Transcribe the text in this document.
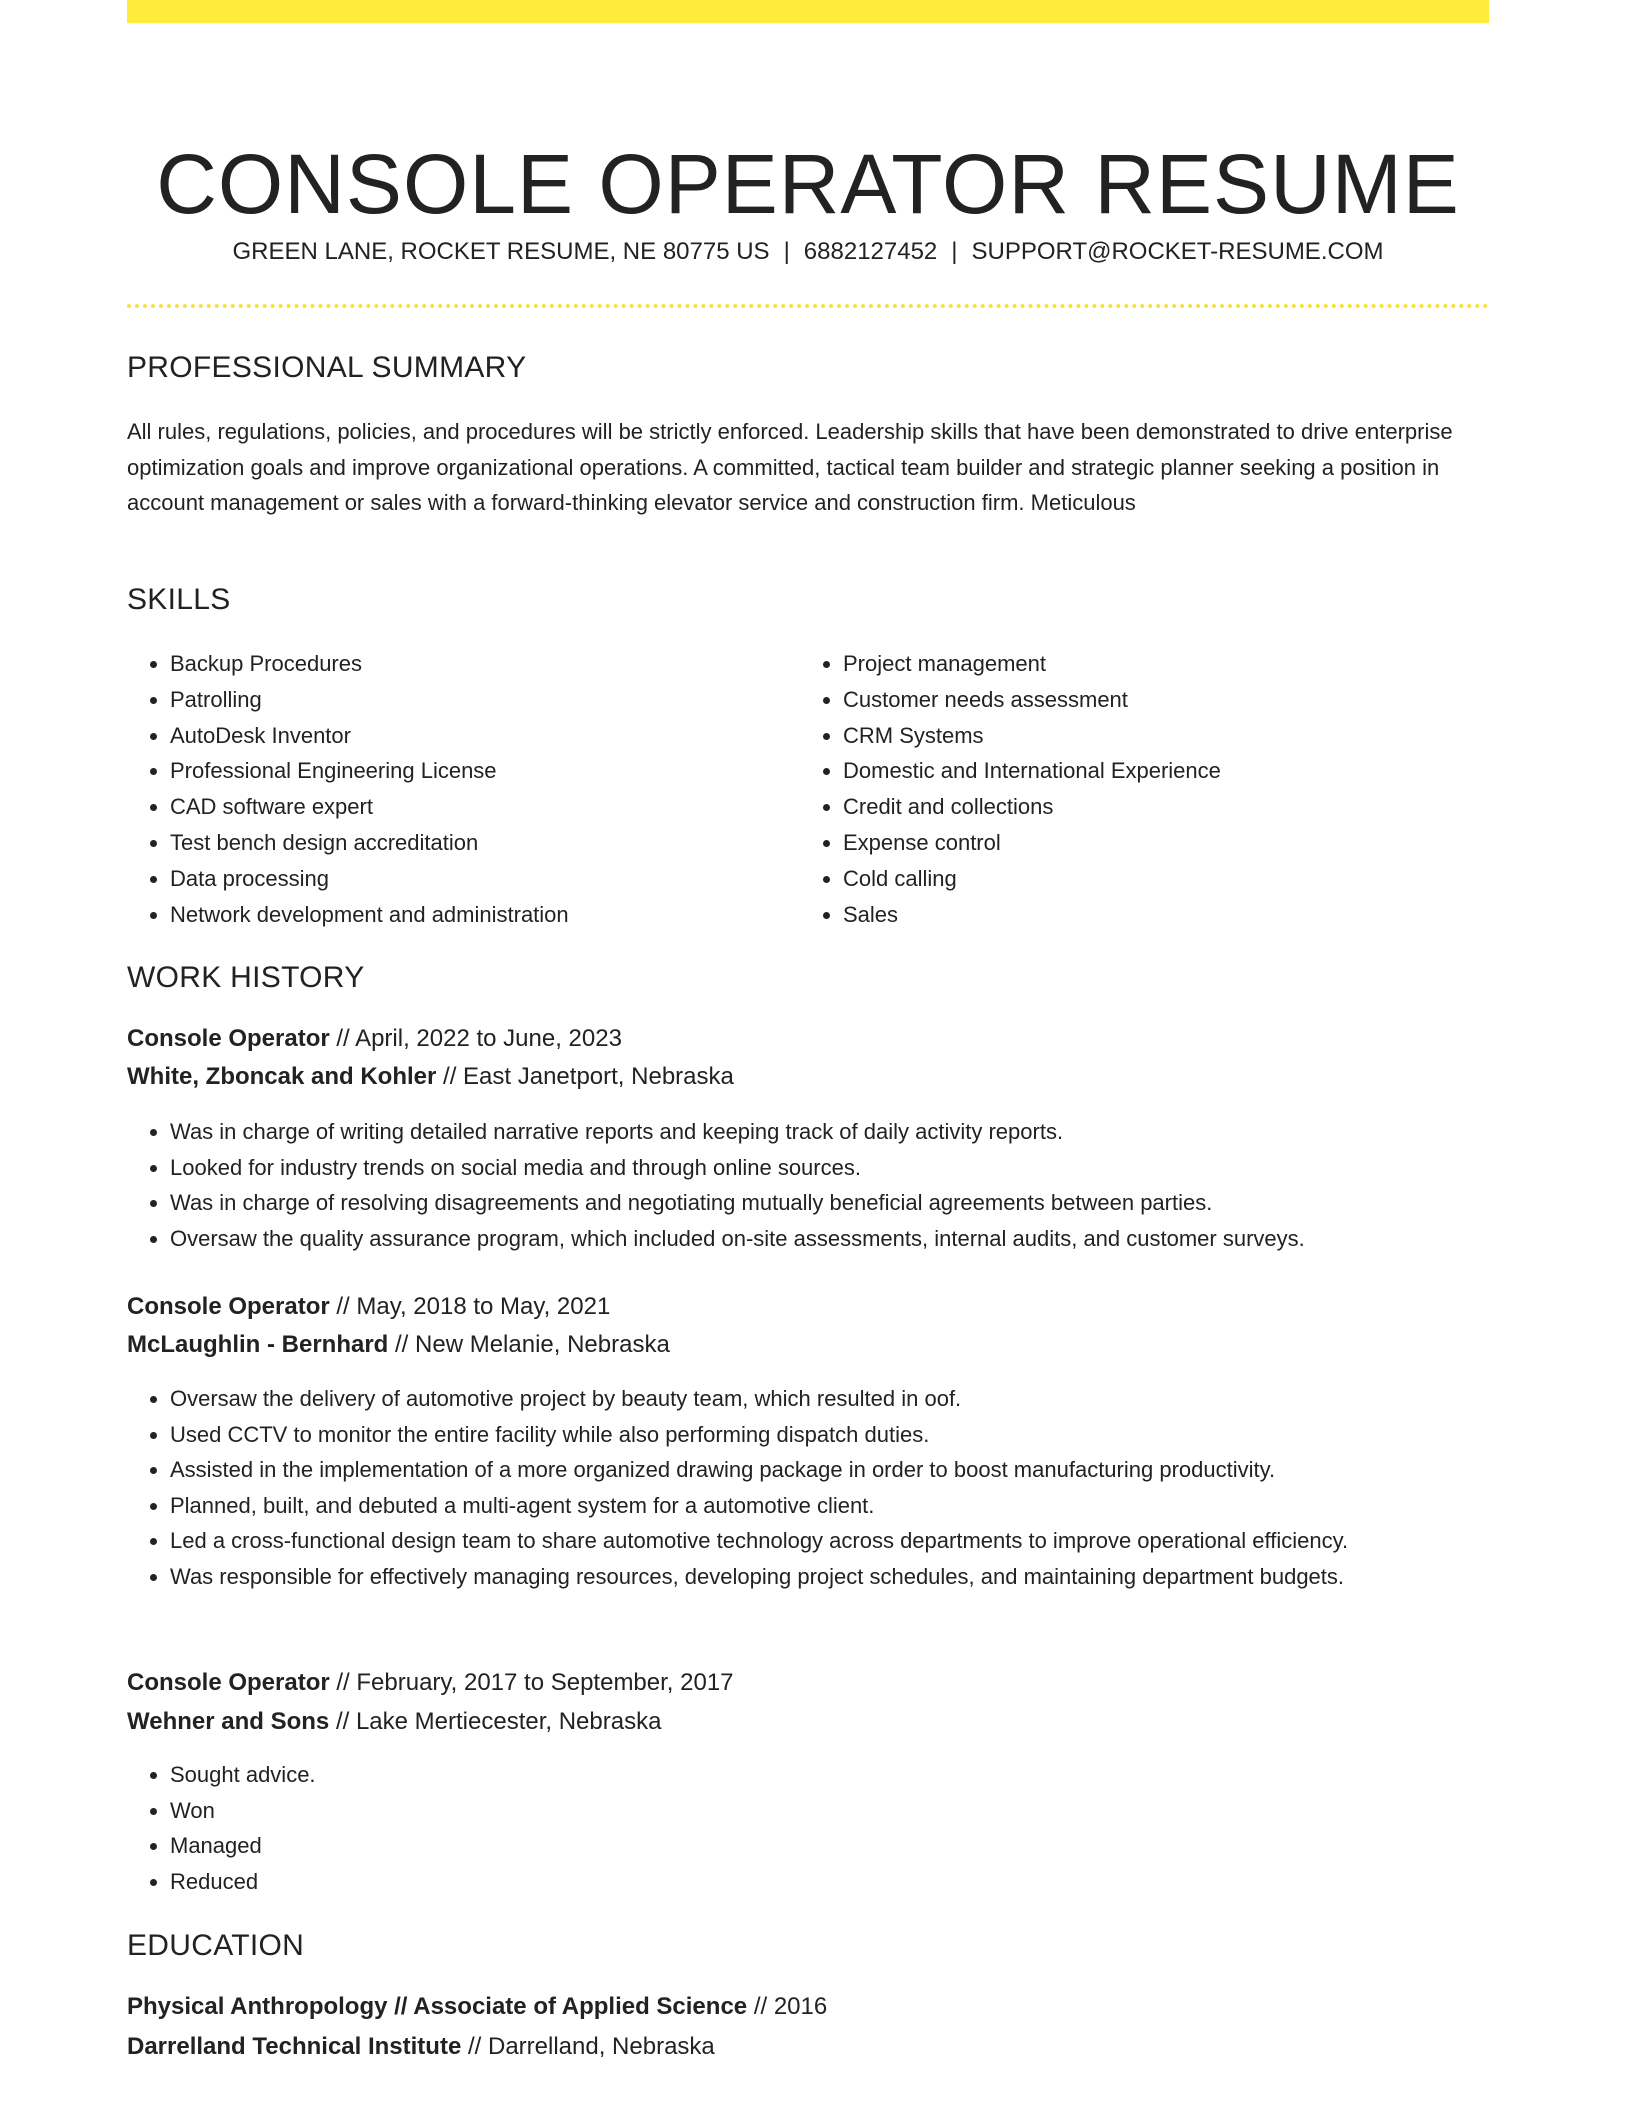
CONSOLE OPERATOR RESUME
GREEN LANE, ROCKET RESUME, NE 80775 US | 6882127452 | SUPPORT@ROCKET-RESUME.COM
PROFESSIONAL SUMMARY

All rules, regulations, policies, and procedures will be strictly enforced. Leadership skills that have been demonstrated to drive enterprise optimization goals and improve organizational operations. A committed, tactical team builder and strategic planner seeking a position in account management or sales with a forward-thinking elevator service and construction firm. Meticulous

SKILLS
• Backup Procedures
• Patrolling
• AutoDesk Inventor
• Professional Engineering License
• CAD software expert
• Test bench design accreditation
• Data processing
• Network development and administration
• Project management
• Customer needs assessment
• CRM Systems
• Domestic and International Experience
• Credit and collections
• Expense control
• Cold calling
• Sales
WORK HISTORY
Console Operator // April, 2022 to June, 2023
White, Zboncak and Kohler // East Janetport, Nebraska
• Was in charge of writing detailed narrative reports and keeping track of daily activity reports.
• Looked for industry trends on social media and through online sources.
• Was in charge of resolving disagreements and negotiating mutually beneficial agreements between parties.
• Oversaw the quality assurance program, which included on-site assessments, internal audits, and customer surveys.
Console Operator // May, 2018 to May, 2021
McLaughlin - Bernhard // New Melanie, Nebraska
• Oversaw the delivery of automotive project by beauty team, which resulted in oof.
• Used CCTV to monitor the entire facility while also performing dispatch duties.
• Assisted in the implementation of a more organized drawing package in order to boost manufacturing productivity.
• Planned, built, and debuted a multi-agent system for a automotive client.
• Led a cross-functional design team to share automotive technology across departments to improve operational efficiency.
• Was responsible for effectively managing resources, developing project schedules, and maintaining department budgets.
Console Operator // February, 2017 to September, 2017
Wehner and Sons // Lake Mertiecester, Nebraska
• Sought advice.
• Won
• Managed
• Reduced
EDUCATION
Physical Anthropology // Associate of Applied Science // 2016
Darrelland Technical Institute // Darrelland, Nebraska
